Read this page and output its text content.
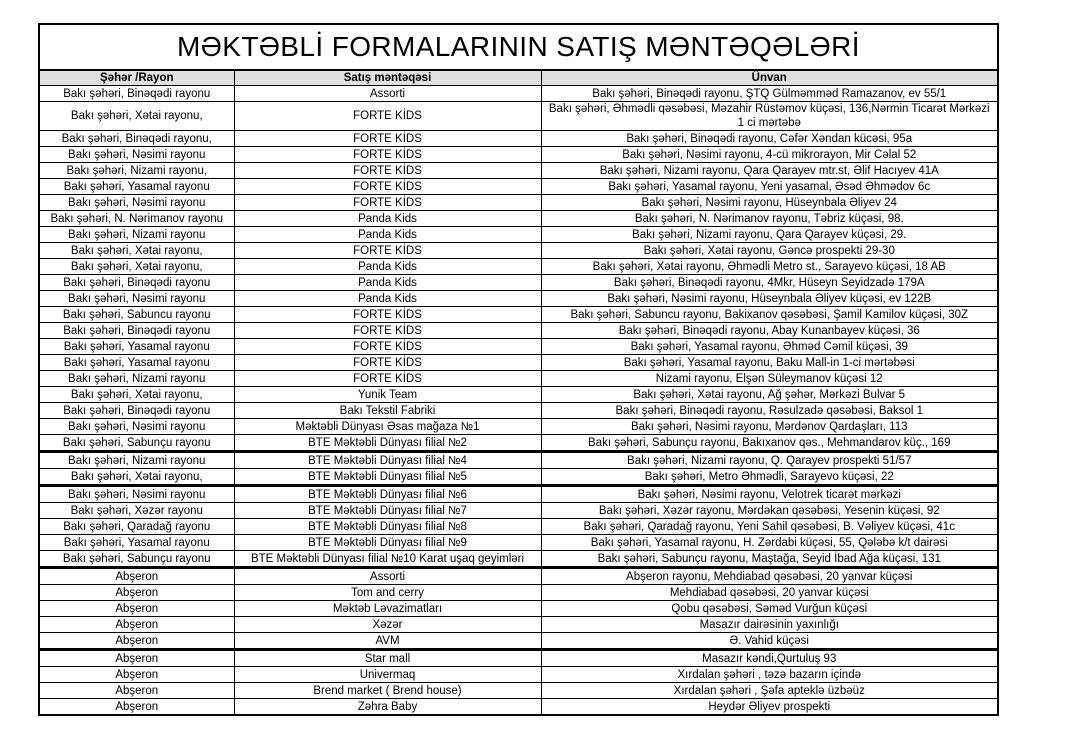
MƏKTƏBLİ FORMALARININ SATIŞ MƏNTƏQƏLƏRİ		
Şəhər /Rayon	Satış məntəqəsi	Ünvan
Bakı şəhəri, Binəqədi rayonu	Assorti	Bakı şəhəri, Binəqədi rayonu, ŞTQ Gülməmməd Ramazanov, ev 55/1
Bakı şəhəri, Xətai rayonu,	FORTE KİDS	Bakı şəhəri, Əhmədli qəsəbəsi, Məzahir Rüstəmov küçəsi, 136,Nərmin Ticarət Mərkəzi 1 ci mərtəbə
Bakı şəhəri, Binəqədi rayonu,	FORTE KİDS	Bakı şəhəri, Binəqədi rayonu, Cəfər Xəndan kücəsi, 95a
Bakı şəhəri, Nəsimi rayonu	FORTE KİDS	Bakı şəhəri, Nəsimi rayonu, 4-cü mikrorayon, Mir Cəlal 52
Bakı şəhəri, Nizami rayonu,	FORTE KİDS	Bakı şəhəri, Nizami rayonu, Qara Qarayev mtr.st, Əlif Hacıyev 41A
Bakı şəhəri, Yasamal rayonu	FORTE KİDS	Bakı şəhəri, Yasamal rayonu, Yeni yasamal, Əsəd Əhmədov 6c
Bakı şəhəri, Nəsimi rayonu	FORTE KİDS	Bakı şəhəri, Nəsimi rayonu, Hüseynbala Əliyev 24
Bakı şəhəri, N. Nərimanov rayonu	Panda Kids	Bakı şəhəri, N. Nərimanov rayonu, Təbriz küçəsi, 98.
Bakı şəhəri, Nizami rayonu	Panda Kids	Bakı şəhəri, Nizami rayonu, Qara Qarayev küçəsi, 29.
Bakı şəhəri, Xətai rayonu,	FORTE KİDS	Bakı şəhəri, Xətai rayonu, Gəncə prospekti 29-30
Bakı şəhəri, Xətai rayonu,	Panda Kids	Bakı şəhəri, Xətai rayonu, Əhmədli Metro st., Sarayevo küçəsi, 18 AB
Bakı şəhəri, Binəqədi rayonu	Panda Kids	Bakı şəhəri, Binəqədi rayonu, 4Mkr, Hüseyn Seyidzadə 179A
Bakı şəhəri, Nəsimi rayonu	Panda Kids	Bakı şəhəri, Nəsimi rayonu, Hüseynbala Əliyev küçəsi, ev 122B
Bakı şəhəri, Sabuncu rayonu	FORTE KİDS	Bakı şəhəri, Sabuncu rayonu, Bakixanov qəsəbəsi, Şamil Kamilov küçəsi, 30Z
Bakı şəhəri, Binəqədi rayonu	FORTE KİDS	Bakı şəhəri, Binəqədi rayonu, Abay Kunanbayev küçəsi, 36
Bakı şəhəri, Yasamal rayonu	FORTE KİDS	Bakı şəhəri, Yasamal rayonu, Əhməd Cəmil küçəsi, 39
Bakı şəhəri, Yasamal rayonu	FORTE KİDS	Bakı şəhəri, Yasamal rayonu, Baku Mall-in 1-ci mərtəbəsi
Bakı şəhəri, Nizami rayonu	FORTE KİDS	Nizami rayonu, Elşən Süleymanov küçəsi 12
Bakı şəhəri, Xətai rayonu,	Yunik Team	Bakı şəhəri, Xətai rayonu, Ağ şəhər, Mərkəzi Bulvar 5
Bakı şəhəri, Binəqədi rayonu	Bakı Tekstil Fabriki	Bakı şəhəri, Binəqədi rayonu, Rəsulzadə qəsəbəsi, Baksol 1
Bakı şəhəri, Nəsimi rayonu	Məktəbli Dünyası Əsas mağaza №1	Bakı şəhəri, Nəsimi rayonu, Mərdənov Qardaşları, 113
Bakı şəhəri, Sabunçu rayonu	BTE Məktəbli Dünyası filial №2	Bakı şəhəri, Sabunçu rayonu, Bakıxanov qəs., Mehmandarov küç., 169
Bakı şəhəri, Nizami rayonu	BTE Məktəbli Dünyası filial №4	Bakı şəhəri, Nizami rayonu, Q. Qarayev prospekti 51/57
Bakı şəhəri, Xətai rayonu,	BTE Məktəbli Dünyası filial №5	Bakı şəhəri, Metro Əhmədli, Sarayevo küçəsi, 22
Bakı şəhəri, Nəsimi rayonu	BTE Məktəbli Dünyası filial №6	Bakı şəhəri, Nəsimi rayonu, Velotrek ticarət mərkəzi
Bakı şəhəri, Xəzər rayonu	BTE Məktəbli Dünyası filial №7	Bakı şəhəri, Xəzər rayonu, Mərdəkan qəsəbəsi, Yesenin küçəsi, 92
Bakı şəhəri, Qaradağ rayonu	BTE Məktəbli Dünyası filial №8	Bakı şəhəri, Qaradağ rayonu, Yeni Sahil qəsəbəsi, B. Vəliyev küçəsi, 41c
Bakı şəhəri, Yasamal rayonu	BTE Məktəbli Dünyası filial №9	Bakı şəhəri, Yasamal rayonu, H. Zərdabi küçəsi, 55, Qələbə k/t dairəsi
Bakı şəhəri, Sabunçu rayonu	BTE Məktəbli Dünyası filial №10 Karat uşaq geyimləri	Bakı şəhəri, Sabunçu rayonu, Maştağa, Seyid İbad Ağa küçəsi, 131
Abşeron	Assorti	Abşeron rayonu, Mehdiabad qəsəbəsi, 20 yanvar küçəsi
Abşeron	Tom and cerry	Mehdiabad qəsəbəsi, 20 yanvar küçəsi
Abşeron	Məktəb Ləvazimatları	Qobu qəsəbəsi, Səməd Vurğun küçəsi
Abşeron	Xəzər	Masazır dairəsinin yaxınlığı
Abşeron	AVM	Ə. Vahid küçəsi
Abşeron	Star mall	Masazır kəndi,Qurtuluş 93
Abşeron	Univermaq	Xırdalan şəhəri , təzə bazarın içində
Abşeron	Brend market ( Brend house)	Xırdalan şəhəri , Şəfa apteklə üzbəüz
Abşeron	Zəhra Baby	Heydər Əliyev prospekti
